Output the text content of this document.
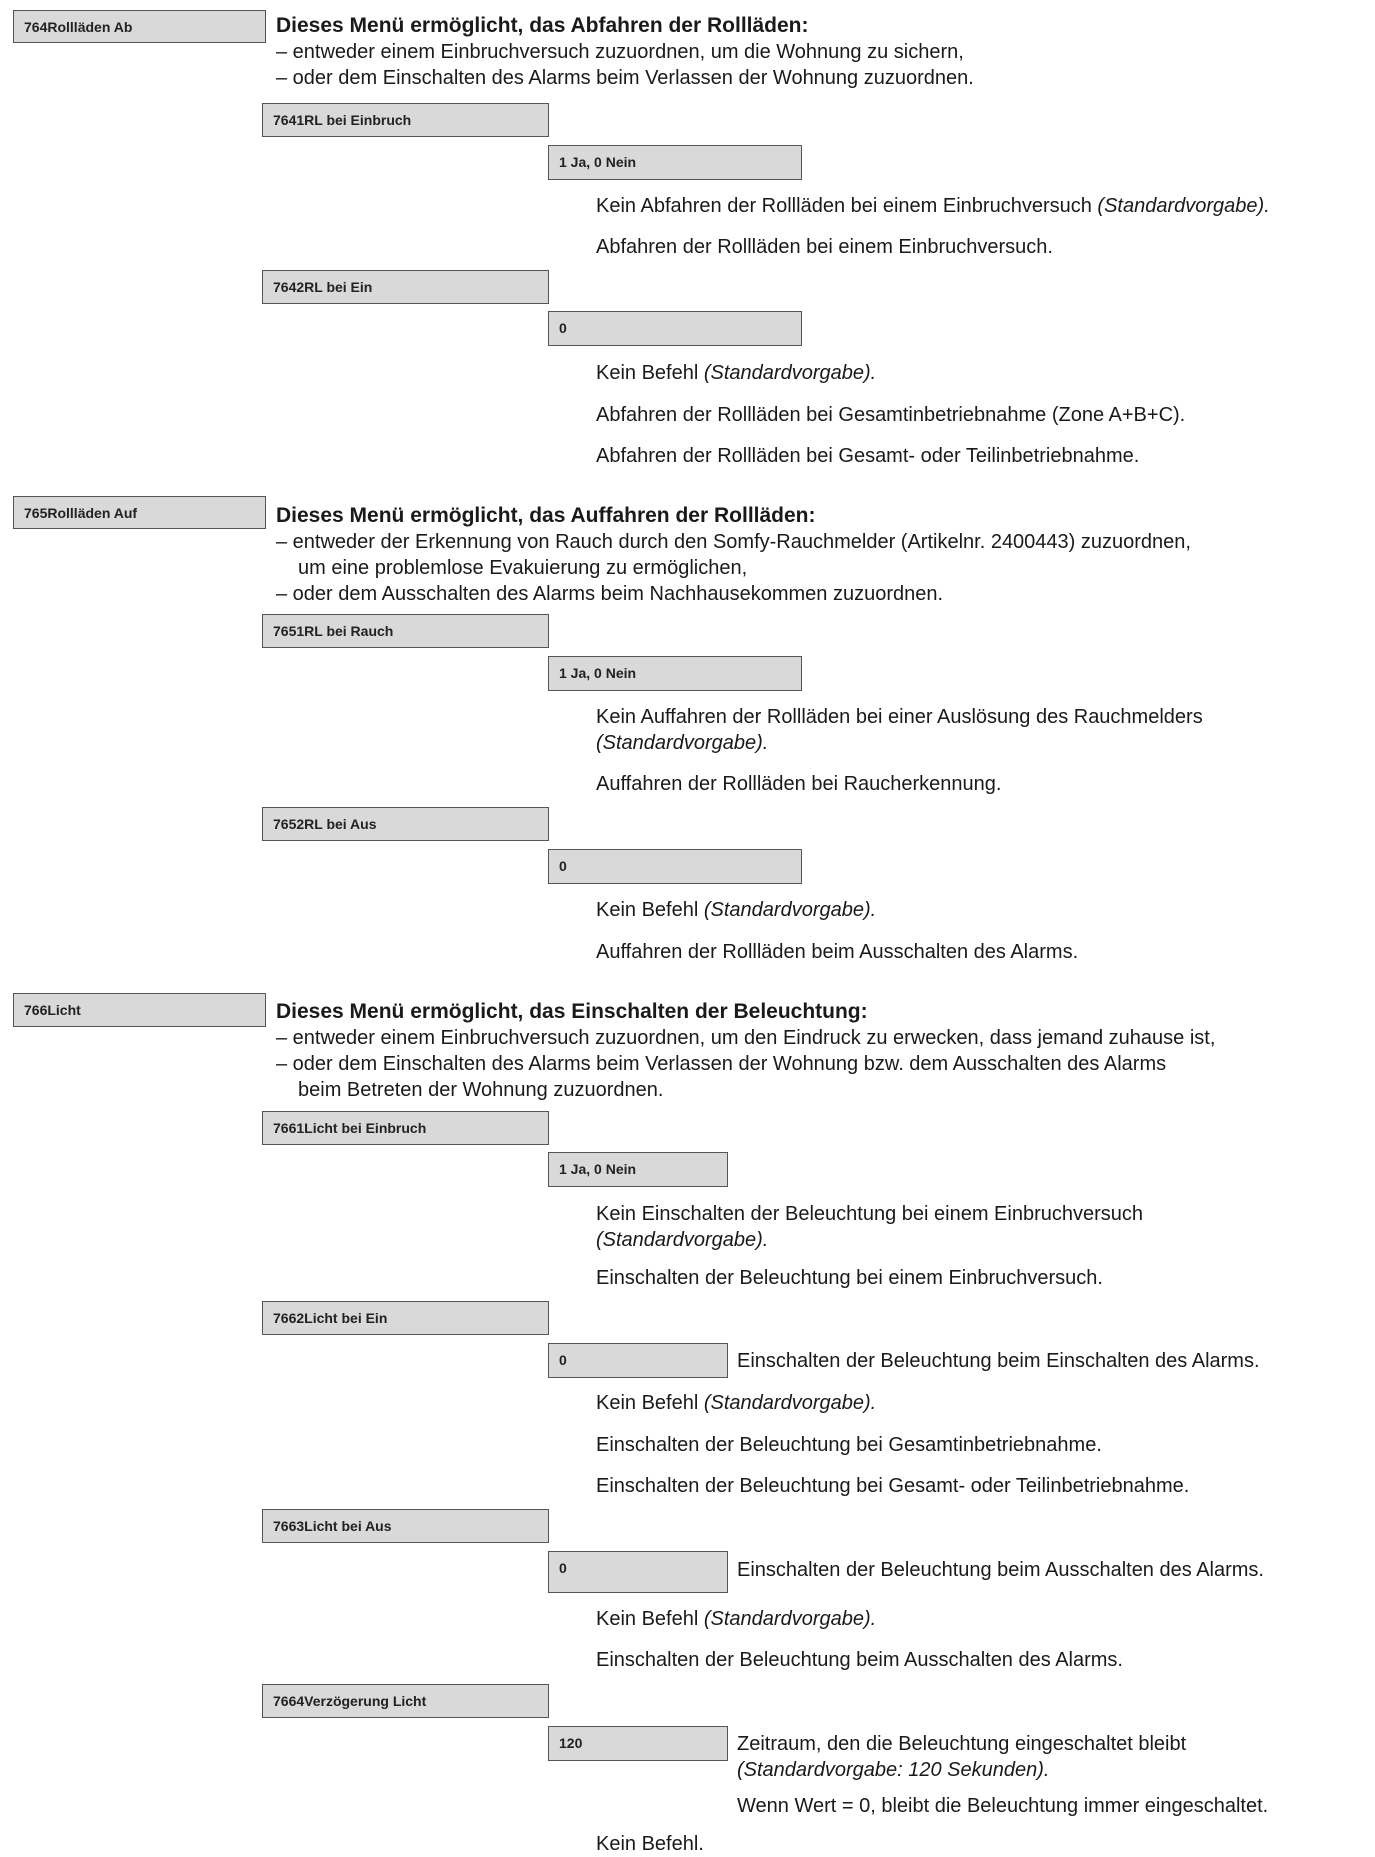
764Rollläden Ab	Dieses Menü ermöglicht, das Abfahren der Rollläden:
– entweder einem Einbruchversuch zuzuordnen, um die Wohnung zu sichern,
– oder dem Einschalten des Alarms beim Verlassen der Wohnung zuzuordnen.
7641RL bei Einbruch
1 Ja, 0 Nein
Kein Abfahren der Rollläden bei einem Einbruchversuch (Standardvorgabe).
Abfahren der Rollläden bei einem Einbruchversuch.
7642RL bei Ein
0
Kein Befehl (Standardvorgabe).
Abfahren der Rollläden bei Gesamtinbetriebnahme (Zone A+B+C).
Abfahren der Rollläden bei Gesamt- oder Teilinbetriebnahme.
765Rollläden Auf	Dieses Menü ermöglicht, das Auffahren der Rollläden:
– entweder der Erkennung von Rauch durch den Somfy-Rauchmelder (Artikelnr. 2400443) zuzuordnen,
um eine problemlose Evakuierung zu ermöglichen,
– oder dem Ausschalten des Alarms beim Nachhausekommen zuzuordnen.
7651RL bei Rauch
1 Ja, 0 Nein
Kein Auffahren der Rollläden bei einer Auslösung des Rauchmelders
(Standardvorgabe).
Auffahren der Rollläden bei Raucherkennung.
7652RL bei Aus
0
Kein Befehl (Standardvorgabe).
Auffahren der Rollläden beim Ausschalten des Alarms.
766Licht	Dieses Menü ermöglicht, das Einschalten der Beleuchtung:
– entweder einem Einbruchversuch zuzuordnen, um den Eindruck zu erwecken, dass jemand zuhause ist,
– oder dem Einschalten des Alarms beim Verlassen der Wohnung bzw. dem Ausschalten des Alarms
beim Betreten der Wohnung zuzuordnen.
7661Licht bei Einbruch
1 Ja, 0 Nein
Kein Einschalten der Beleuchtung bei einem Einbruchversuch
(Standardvorgabe).
Einschalten der Beleuchtung bei einem Einbruchversuch.
7662Licht bei Ein
0	Einschalten der Beleuchtung beim Einschalten des Alarms.
Kein Befehl (Standardvorgabe).
Einschalten der Beleuchtung bei Gesamtinbetriebnahme.
Einschalten der Beleuchtung bei Gesamt- oder Teilinbetriebnahme.
7663Licht bei Aus
0	Einschalten der Beleuchtung beim Ausschalten des Alarms.
Kein Befehl (Standardvorgabe).
Einschalten der Beleuchtung beim Ausschalten des Alarms.
7664Verzögerung Licht
120	Zeitraum, den die Beleuchtung eingeschaltet bleibt
(Standardvorgabe: 120 Sekunden).
Wenn Wert = 0, bleibt die Beleuchtung immer eingeschaltet.
Kein Befehl.
